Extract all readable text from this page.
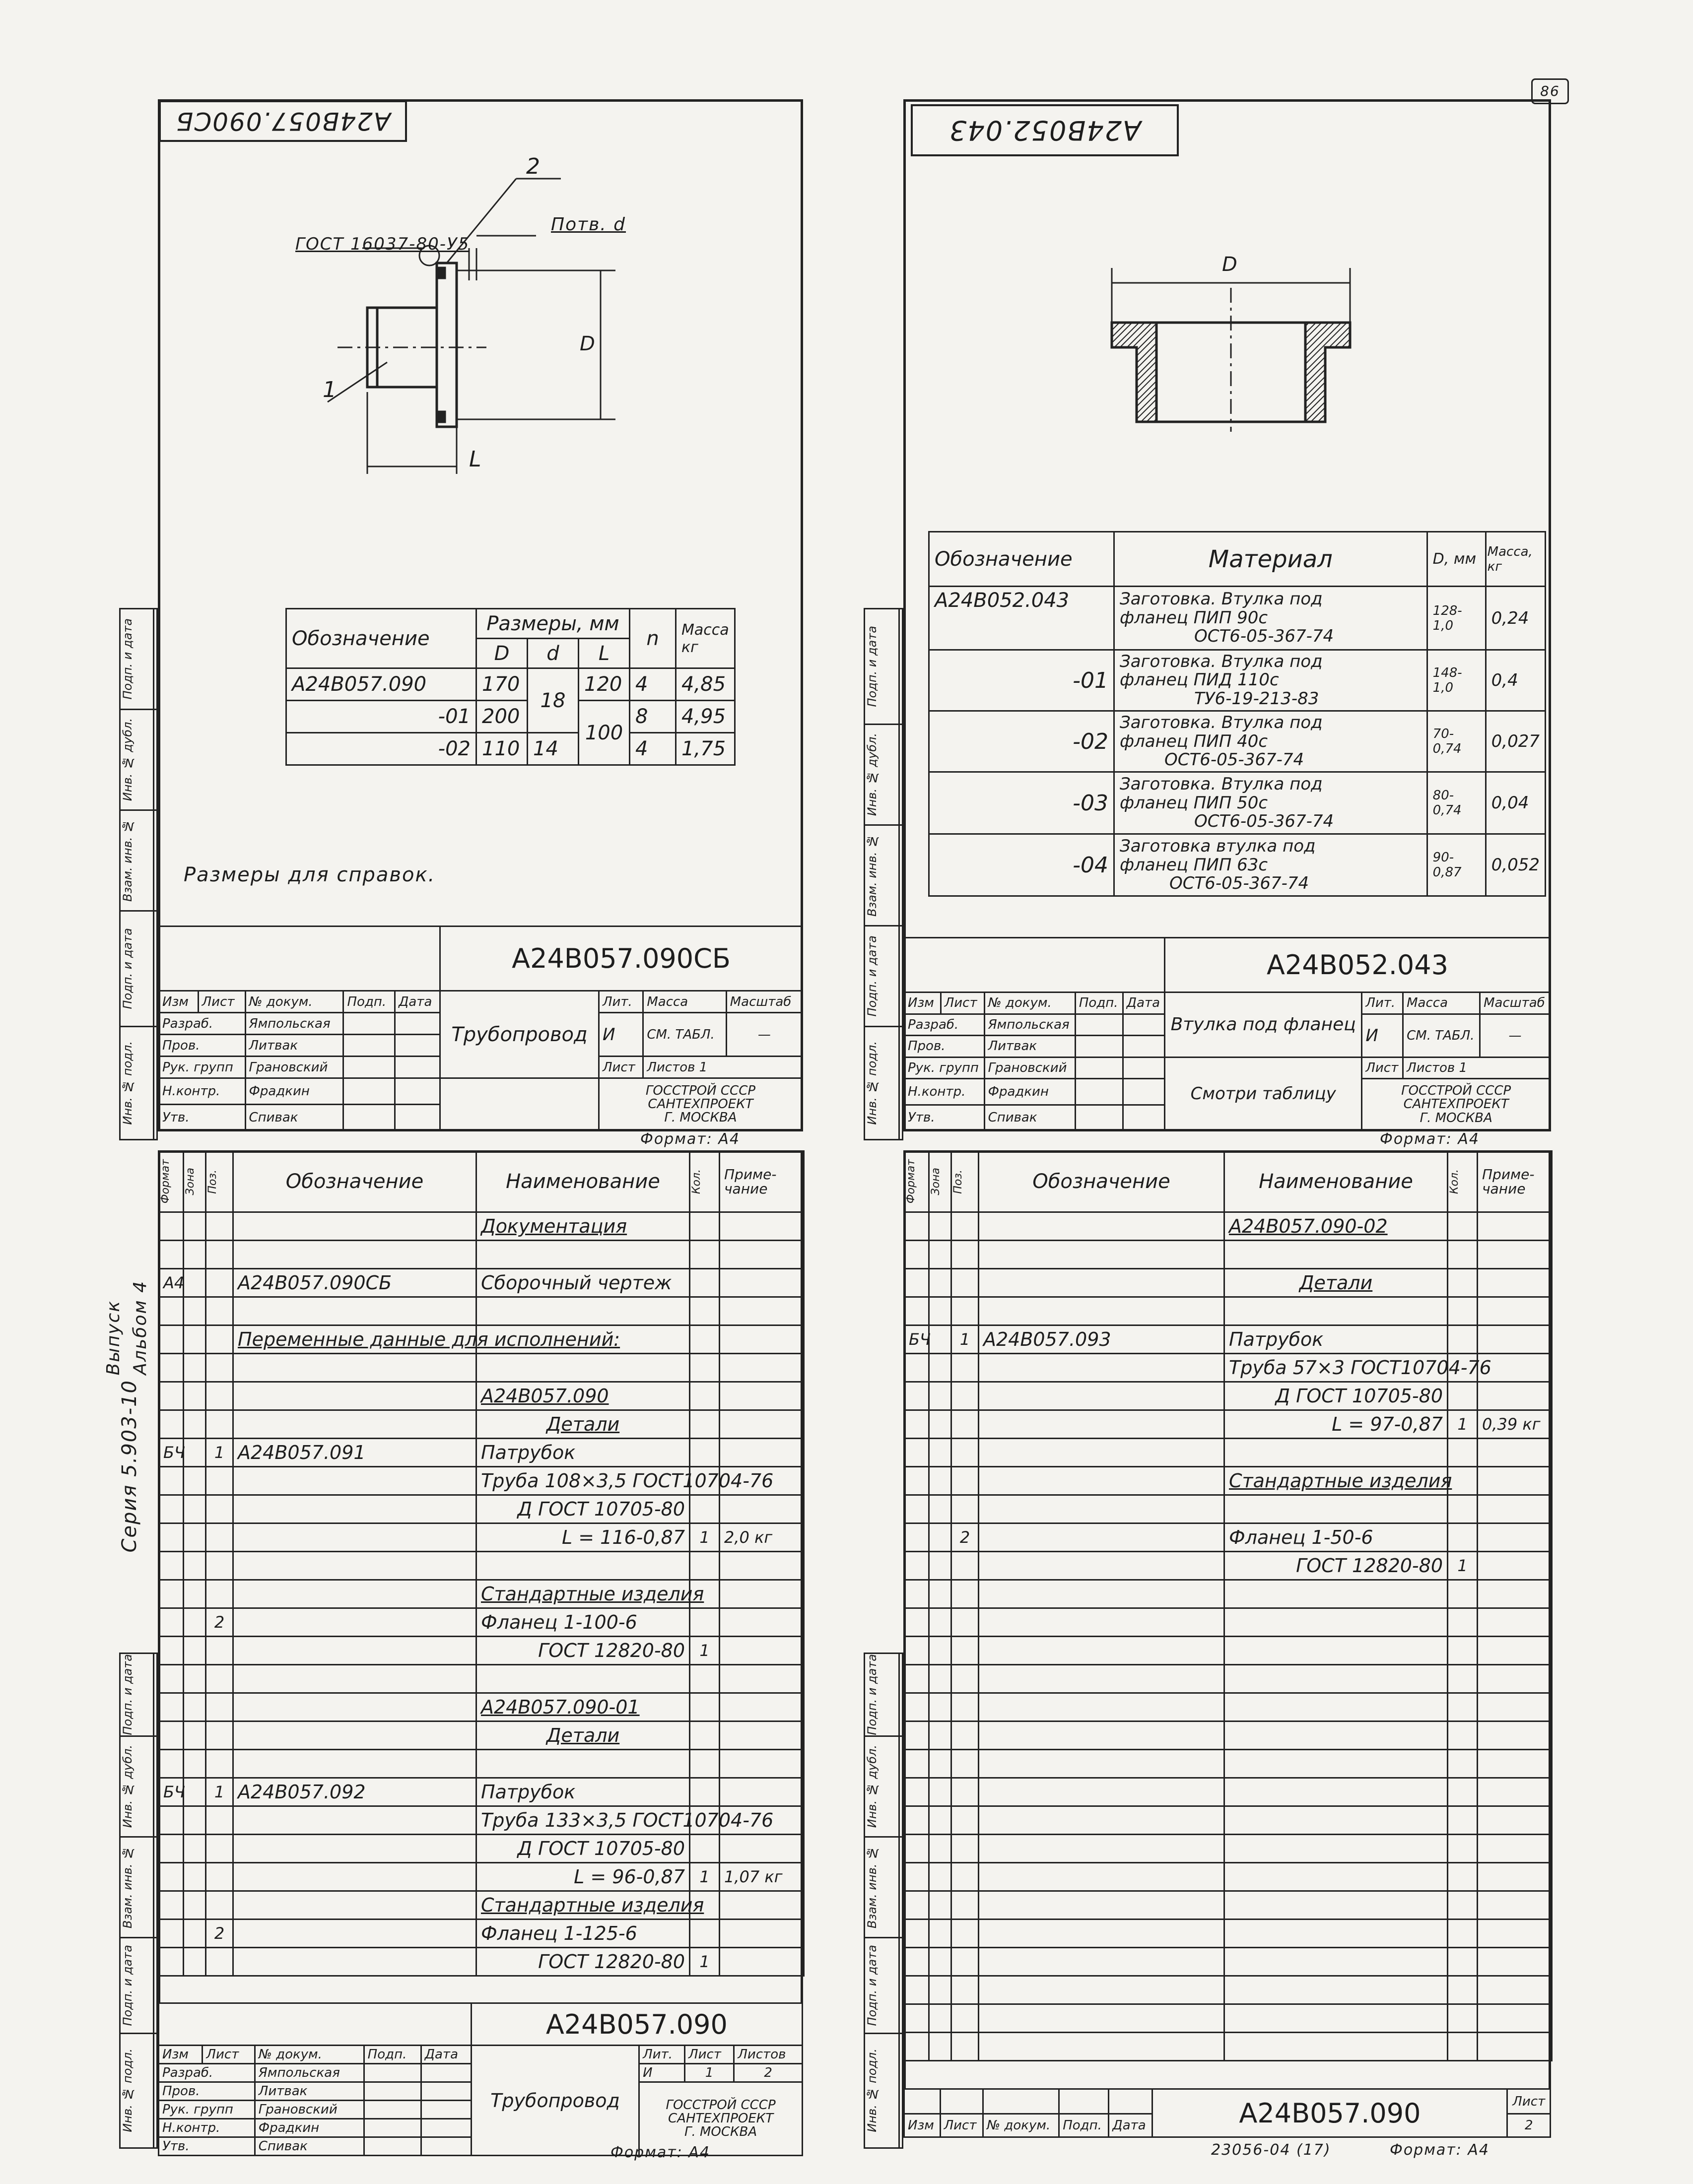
86
Серия 5.903-10
Выпуск Альбом 4
А24В057.090СБ
2
1
ГОСТ 16037-80-У5
Потв. d
D
L
Обозначение	Размеры, мм			n	Масса кг
	D	d	L		
А24В057.090	170	18	120	4	4,85
-01	200		100	8	4,95
-02	110	14		4	1,75
Размеры для справок.
Подп. и дата	

Инв. № дубл.	

Взам. инв. №	

Подп. и дата	

Инв. № подл.	

					А24В057.090СБ			
Изм	Лист	№ докум.	Подп.	Дата	Трубопровод	Лит.	Масса	Масштаб
Разраб.		Ямпольская				И	СМ. ТАБЛ.	—
Пров.		Литвак						
Рук. групп		Грановский				Лист	Листов 1	
Н.контр.		Фрадкин				ГОССТРОЙ СССР
САНТЕХПРОЕКТ
Г. МОСКВА		

Утв.		Спивак						
Формат: А4
А24В052.043
D
Обозначение	Материал	D, мм	Масса, кг
А24В052.043	Заготовка. Втулка под
фланец ПИП 90с
ОСТ6-05-367-74	128-1,0	0,24
-01	Заготовка. Втулка под
фланец ПИД 110с
ТУ6-19-213-83	148-1,0	0,4
-02	Заготовка. Втулка под
фланец ПИП 40с
ОСТ6-05-367-74	70-0,74	0,027
-03	Заготовка. Втулка под
фланец ПИП 50с
ОСТ6-05-367-74	80-0,74	0,04
-04	Заготовка втулка под
фланец ПИП 63с
ОСТ6-05-367-74	90-0,87	0,052
Подп. и дата	

Инв. № дубл.	

Взам. инв. №	

Подп. и дата	

Инв. № подл.	

					А24В052.043			
Изм	Лист	№ докум.	Подп.	Дата	Втулка под фланец	Лит.	Масса	Масштаб
Разраб.		Ямпольская				И	СМ. ТАБЛ.	—
Пров.		Литвак						
Рук. групп		Грановский			Смотри таблицу	Лист	Листов 1	
Н.контр.		Фрадкин				ГОССТРОЙ СССР
САНТЕХПРОЕКТ
Г. МОСКВА		

Утв.		Спивак						
Формат: А4
Формат	Зона	Поз.	Обозначение	Наименование	Кол.	Приме- чание
				Документация		

А4			А24В057.090СБ	Сборочный чертеж		

			Переменные данные для исполнений:			

				А24В057.090		
				Детали		
БЧ		1	А24В057.091	Патрубок		
				Труба 108×3,5 ГОСТ10704-76		
				Д ГОСТ 10705-80		
				L = 116-0,87	1	2,0 кг

				Стандартные изделия		
		2		Фланец 1-100-6		
				ГОСТ 12820-80	1	

				А24В057.090-01		
				Детали		

БЧ		1	А24В057.092	Патрубок		
				Труба 133×3,5 ГОСТ10704-76		
				Д ГОСТ 10705-80		
				L = 96-0,87	1	1,07 кг
				Стандартные изделия		
		2		Фланец 1-125-6		
				ГОСТ 12820-80	1	
Подп. и дата	

Инв. № дубл.	

Взам. инв. №	

Подп. и дата	

Инв. № подл.	

					А24В057.090			
Изм	Лист	№ докум.	Подп.	Дата	Трубопровод	Лит.	Лист	Листов
Разраб.		Ямпольская				И	1	2
Пров.		Литвак				ГОССТРОЙ СССР
САНТЕХПРОЕКТ
Г. МОСКВА		

Рук. групп		Грановский						
Н.контр.		Фрадкин						
Утв.		Спивак							Формат: А4
Формат	Зона	Поз.	Обозначение	Наименование	Кол.	Приме- чание
				А24В057.090-02		

				Детали		

БЧ		1	А24В057.093	Патрубок		
				Труба 57×3 ГОСТ10704-76		
				Д ГОСТ 10705-80		
				L = 97-0,87	1	0,39 кг

				Стандартные изделия		

		2		Фланец 1-50-6		
				ГОСТ 12820-80	1	

Подп. и дата	

Инв. № дубл.	

Взам. инв. №	

Подп. и дата	

Инв. № подл.	

						А24В057.090	Лист
Изм	Лист	№ докум.	Подп.	Дата		2
23056-04 (17)	Формат: А4
